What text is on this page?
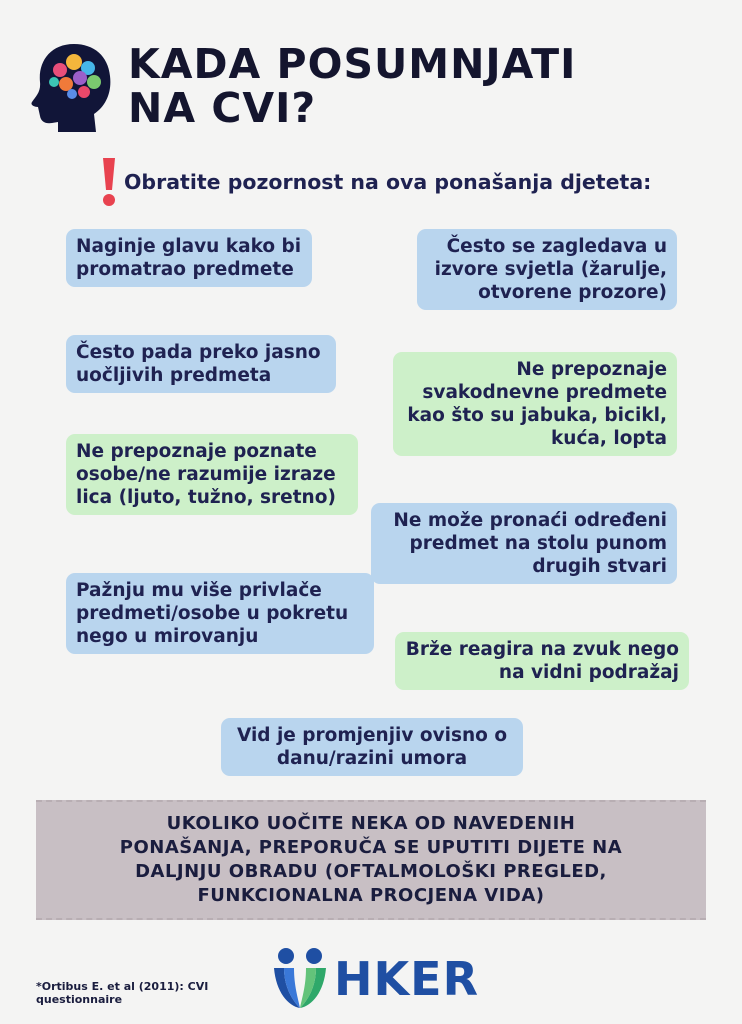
KADA POSUMNJATI
NA CVI?

Obratite pozornost na ova ponašanja djeteta:

Naginje glavu kako bi
promatrao predmete
Često se zagledava u
izvore svjetla (žarulje,
otvorene prozore)
Često pada preko jasno
uočljivih predmeta	Ne prepoznaje
svakodnevne predmete
kao što su jabuka, bicikl,
kuća, lopta
Ne prepoznaje poznate
osobe/ne razumije izraze
lica (ljuto, tužno, sretno)
Ne može pronaći određeni
predmet na stolu punom
drugih stvari
Pažnju mu više privlače
predmeti/osobe u pokretu
nego u mirovanju
Brže reagira na zvuk nego
na vidni podražaj
Vid je promjenjiv ovisno o
danu/razini umora
UKOLIKO UOČITE NEKA OD NAVEDENIH
PONAŠANJA, PREPORUČA SE UPUTITI DIJETE NA
DALJNJU OBRADU (OFTALMOLOŠKI PREGLED,
FUNKCIONALNA PROCJENA VIDA)
*Ortibus E. et al (2011): CVI
questionnaire	HKER
